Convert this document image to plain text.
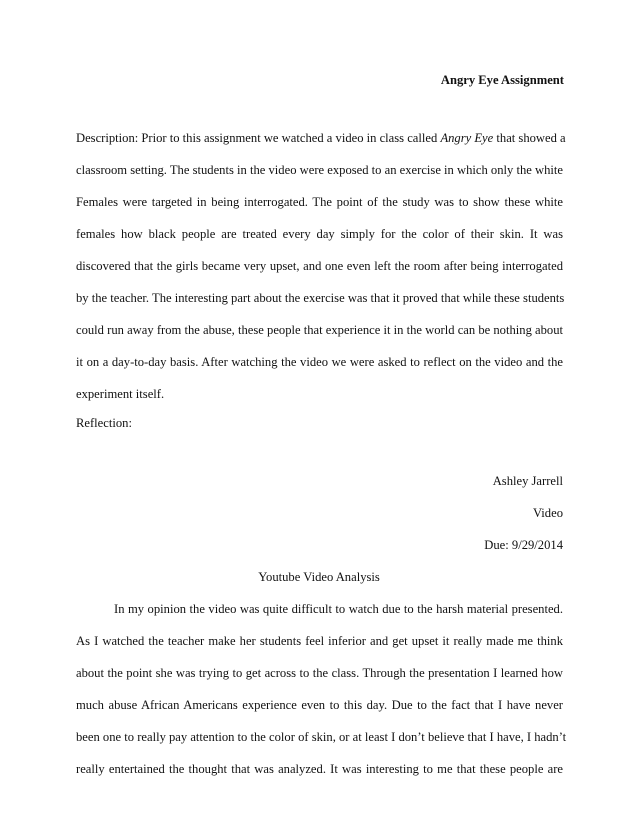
Angry Eye Assignment
Description: Prior to this assignment we watched a video in class called Angry Eye that showed a
classroom setting. The students in the video were exposed to an exercise in which only the white
Females were targeted in being interrogated. The point of the study was to show these white
females how black people are treated every day simply for the color of their skin. It was
discovered that the girls became very upset, and one even left the room after being interrogated
by the teacher. The interesting part about the exercise was that it proved that while these students
could run away from the abuse, these people that experience it in the world can be nothing about
it on a day-to-day basis. After watching the video we were asked to reflect on the video and the
experiment itself.
Reflection:
Ashley Jarrell
Video
Due: 9/29/2014
Youtube Video Analysis
In my opinion the video was quite difficult to watch due to the harsh material presented.
As I watched the teacher make her students feel inferior and get upset it really made me think
about the point she was trying to get across to the class. Through the presentation I learned how
much abuse African Americans experience even to this day. Due to the fact that I have never
been one to really pay attention to the color of skin, or at least I don’t believe that I have, I hadn’t
really entertained the thought that was analyzed. It was interesting to me that these people are
